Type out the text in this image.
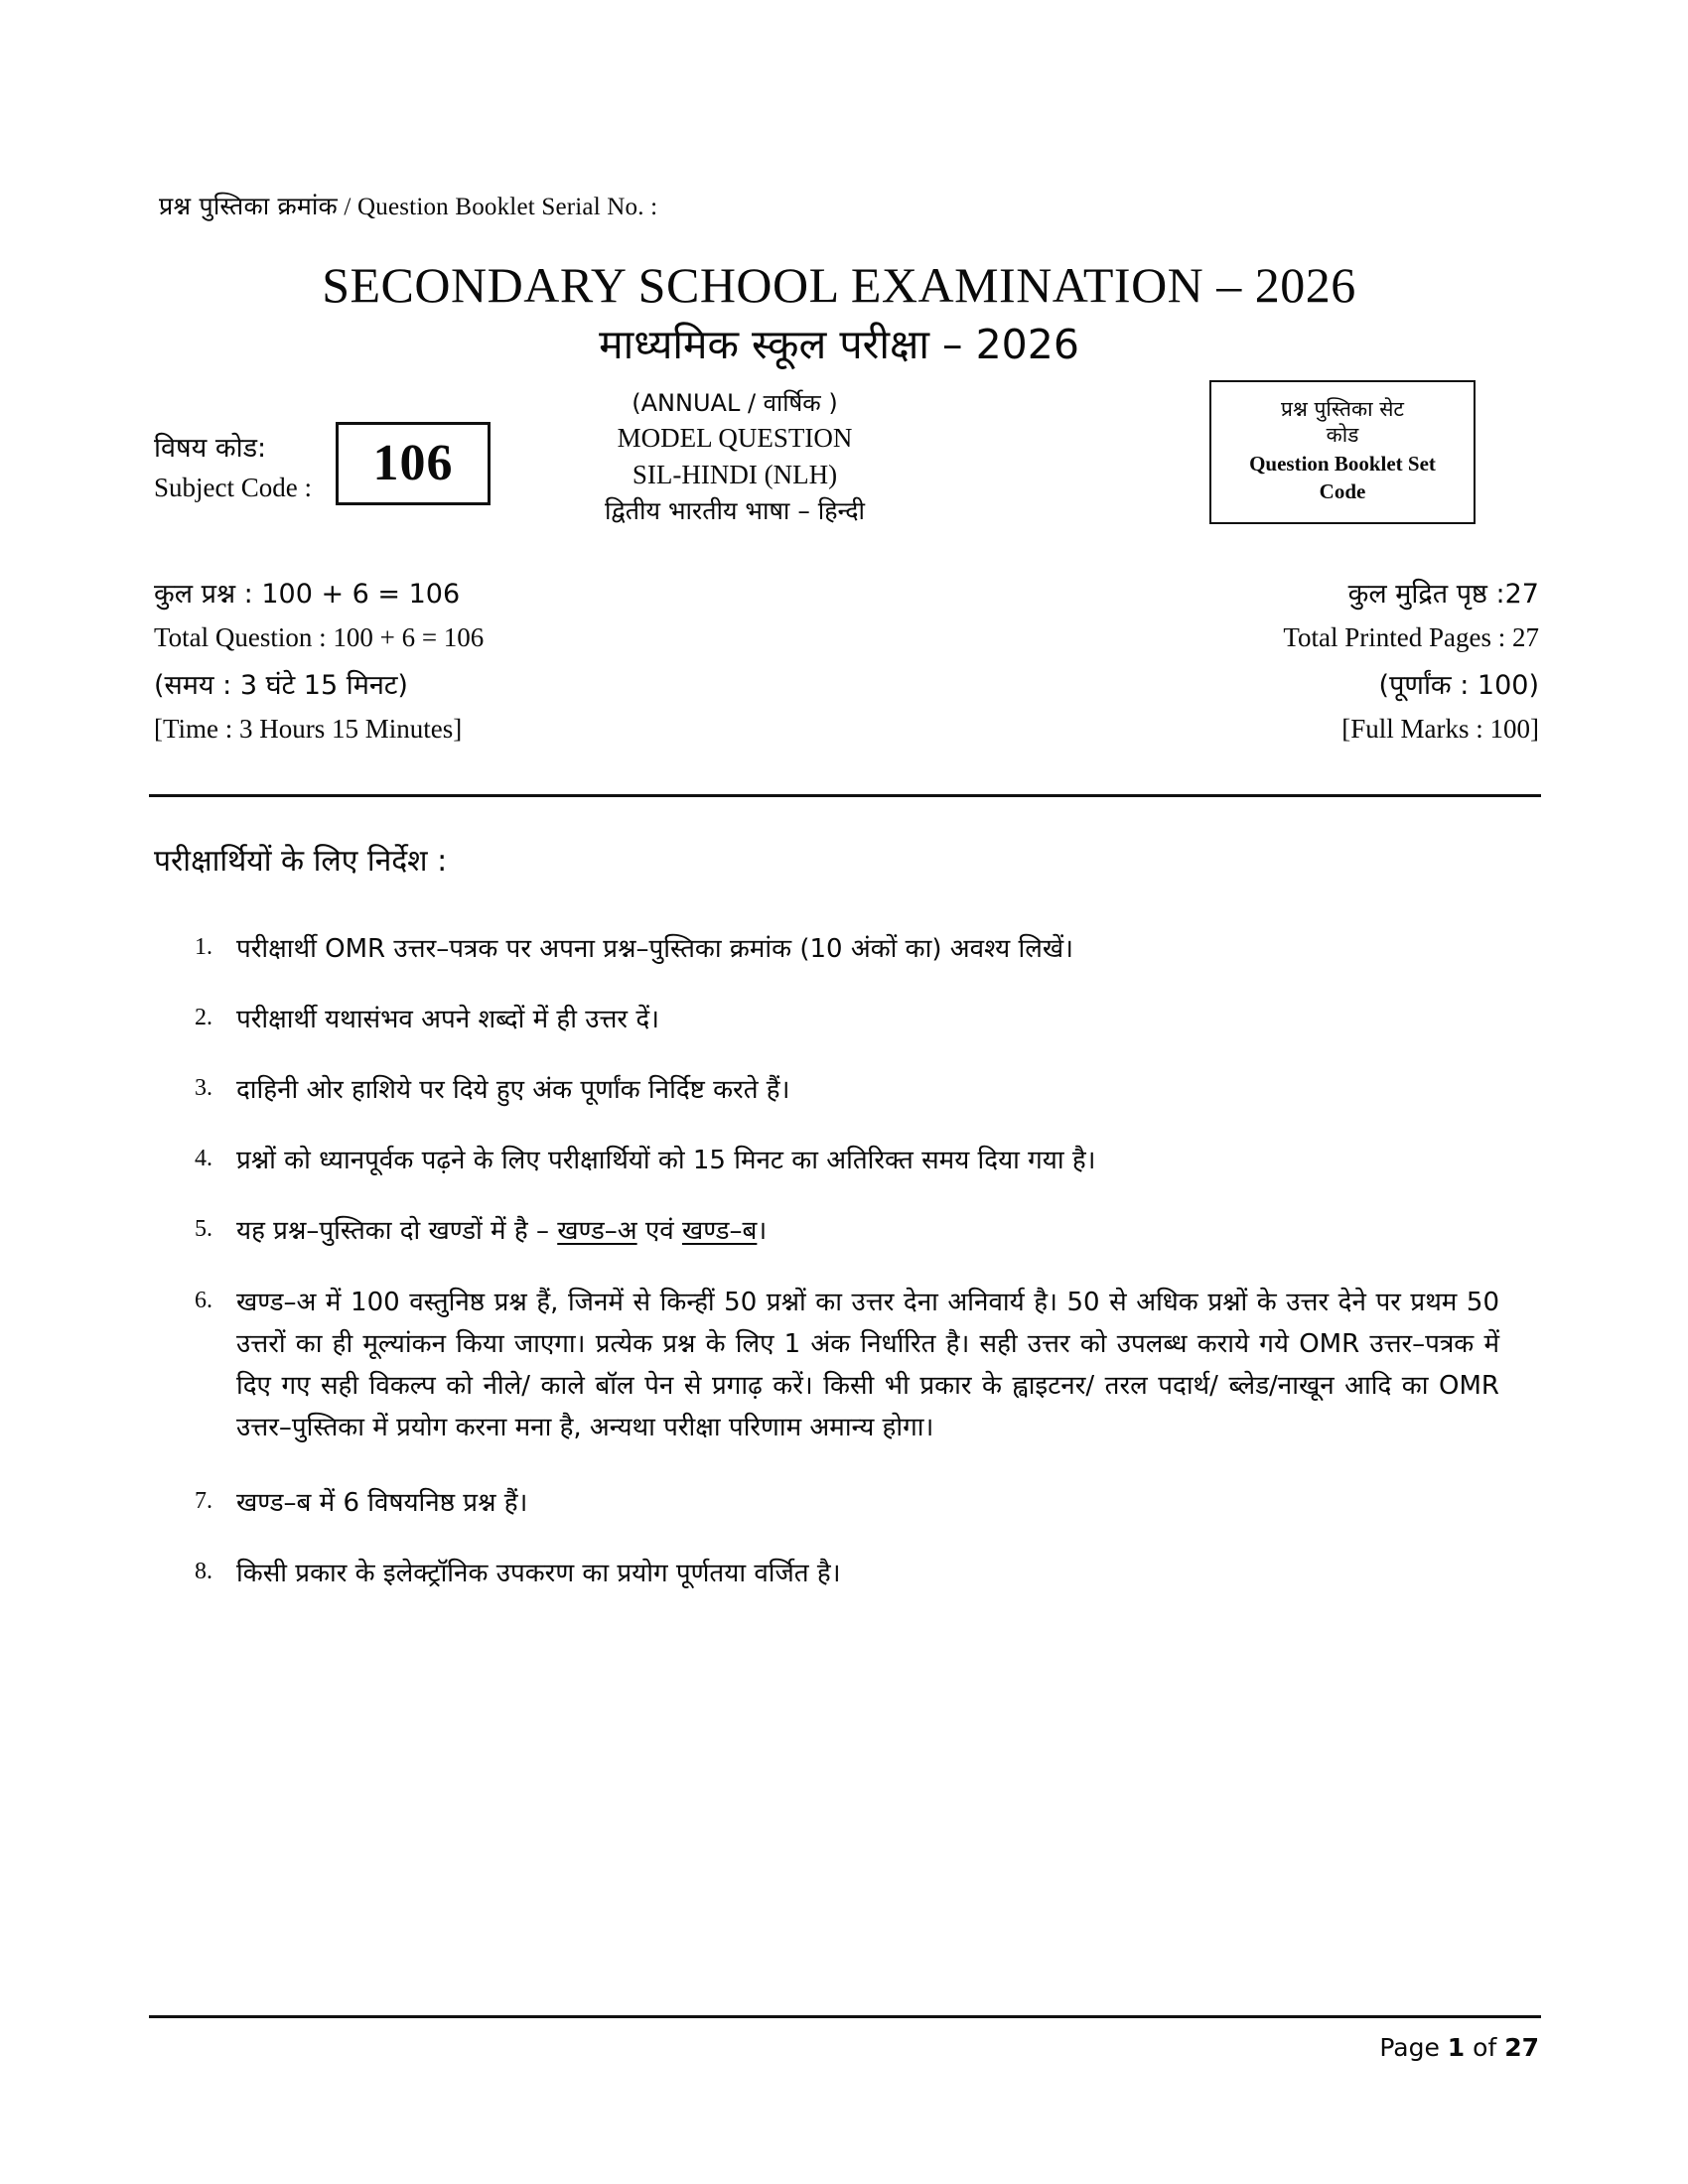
प्रश्न पुस्तिका क्रमांक / Question Booklet Serial No. :
SECONDARY SCHOOL EXAMINATION – 2026
माध्यमिक स्कूल परीक्षा – 2026
(ANNUAL / वार्षिक )
MODEL QUESTION
SIL-HINDI (NLH)
द्वितीय भारतीय भाषा – हिन्दी
विषय कोड:
Subject Code : 106
प्रश्न पुस्तिका सेट
कोड
Question Booklet Set
Code
कुल प्रश्न : 100 + 6 = 106	कुल मुद्रित पृष्ठ :27
Total Question : 100 + 6 = 106	Total Printed Pages : 27
(समय : 3 घंटे 15 मिनट)	(पूर्णांक : 100)
[Time : 3 Hours 15 Minutes]	[Full Marks : 100]
परीक्षार्थियों के लिए निर्देश :
1. परीक्षार्थी OMR उत्तर–पत्रक पर अपना प्रश्न–पुस्तिका क्रमांक (10 अंकों का) अवश्य लिखें।
2. परीक्षार्थी यथासंभव अपने शब्दों में ही उत्तर दें।
3. दाहिनी ओर हाशिये पर दिये हुए अंक पूर्णांक निर्दिष्ट करते हैं।
4. प्रश्नों को ध्यानपूर्वक पढ़ने के लिए परीक्षार्थियों को 15 मिनट का अतिरिक्त समय दिया गया है।
5. यह प्रश्न–पुस्तिका दो खण्डों में है – खण्ड–अ एवं खण्ड–ब।
6. खण्ड–अ में 100 वस्तुनिष्ठ प्रश्न हैं, जिनमें से किन्हीं 50 प्रश्नों का उत्तर देना अनिवार्य है। 50 से अधिक प्रश्नों के उत्तर देने पर प्रथम 50 उत्तरों का ही मूल्यांकन किया जाएगा। प्रत्येक प्रश्न के लिए 1 अंक निर्धारित है। सही उत्तर को उपलब्ध कराये गये OMR उत्तर–पत्रक में दिए गए सही विकल्प को नीले/ काले बॉल पेन से प्रगाढ़ करें। किसी भी प्रकार के ह्वाइटनर/ तरल पदार्थ/ ब्लेड/नाखून आदि का OMR उत्तर–पुस्तिका में प्रयोग करना मना है, अन्यथा परीक्षा परिणाम अमान्य होगा।
7. खण्ड–ब में 6 विषयनिष्ठ प्रश्न हैं।
8. किसी प्रकार के इलेक्ट्रॉनिक उपकरण का प्रयोग पूर्णतया वर्जित है।
Page 1 of 27
